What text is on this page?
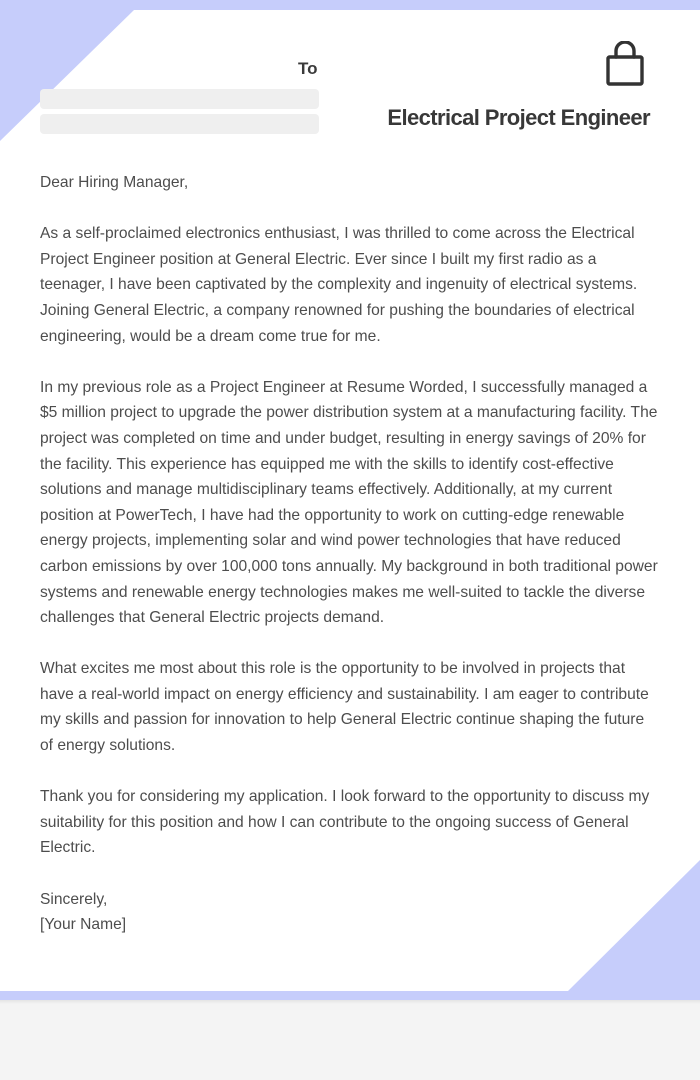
To
Electrical Project Engineer

Dear Hiring Manager,

As a self-proclaimed electronics enthusiast, I was thrilled to come across the Electrical Project Engineer position at General Electric. Ever since I built my first radio as a teenager, I have been captivated by the complexity and ingenuity of electrical systems. Joining General Electric, a company renowned for pushing the boundaries of electrical engineering, would be a dream come true for me.

In my previous role as a Project Engineer at Resume Worded, I successfully managed a $5 million project to upgrade the power distribution system at a manufacturing facility. The project was completed on time and under budget, resulting in energy savings of 20% for the facility. This experience has equipped me with the skills to identify cost-effective solutions and manage multidisciplinary teams effectively. Additionally, at my current position at PowerTech, I have had the opportunity to work on cutting-edge renewable energy projects, implementing solar and wind power technologies that have reduced carbon emissions by over 100,000 tons annually. My background in both traditional power systems and renewable energy technologies makes me well-suited to tackle the diverse challenges that General Electric projects demand.

What excites me most about this role is the opportunity to be involved in projects that have a real-world impact on energy efficiency and sustainability. I am eager to contribute my skills and passion for innovation to help General Electric continue shaping the future of energy solutions.

Thank you for considering my application. I look forward to the opportunity to discuss my suitability for this position and how I can contribute to the ongoing success of General Electric.

Sincerely,

[Your Name]
